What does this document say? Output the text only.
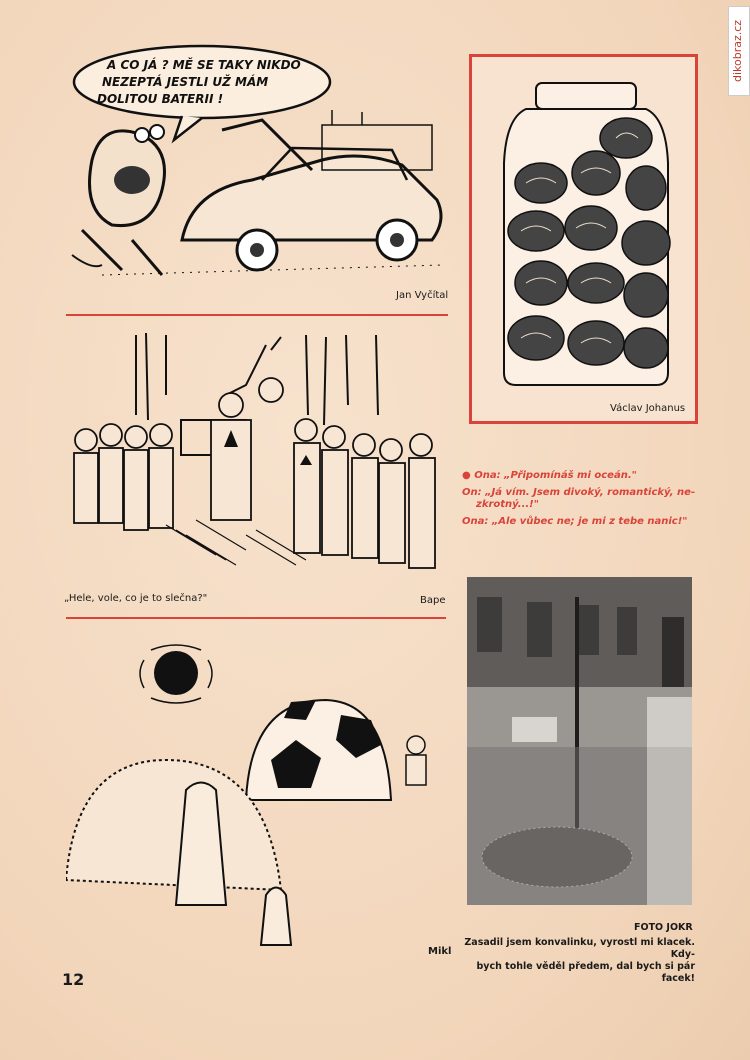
dikobraz.cz
A CO JÁ ? MĚ SE TAKY NIKDO
NEZEPTÁ JESTLI UŽ MÁM
DOLITOU BATERII !
Jan Vyčítal
„Hele, vole, co je to slečna?"	Bape
Mikl
Václav Johanus
● Ona: „Připomínáš mi oceán."
On: „Já vím. Jsem divoký, romantický, ne-
zkrotný...!"
Ona: „Ale vůbec ne; je mi z tebe nanic!"
FOTO JOKR
Zasadil jsem konvalinku, vyrostl mi klacek. Kdy-
bych tohle věděl předem, dal bych si pár facek!
12
